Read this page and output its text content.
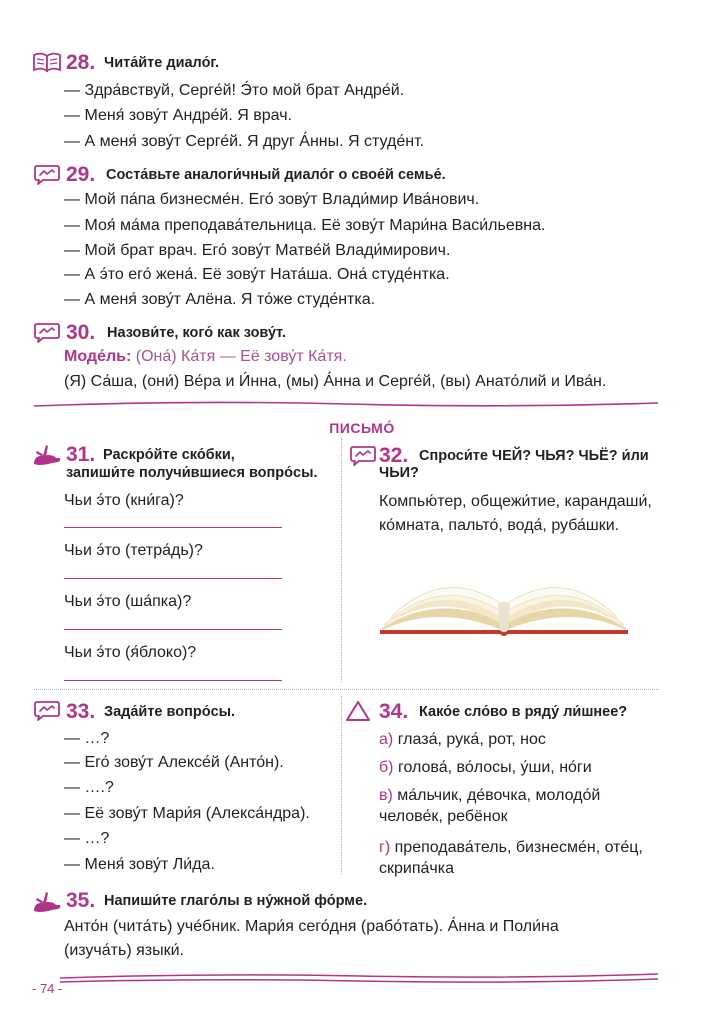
28. Чита́йте диало́г.
— Здра́вствуй, Серге́й! Э́то мой брат Андре́й.
— Меня́ зову́т Андре́й. Я врач.
— А меня́ зову́т Серге́й. Я друг А́нны. Я студе́нт.
29. Соста́вьте аналоги́чный диало́г о свое́й семье́.
— Мой па́па бизнесме́н. Его́ зову́т Влади́мир Ива́нович.
— Моя́ ма́ма преподава́тельница. Её зову́т Мари́на Васи́льевна.
— Мой брат врач. Его́ зову́т Матве́й Влади́мирович.
— А э́то его́ жена́. Её зову́т Ната́ша. Она́ студе́нтка.
— А меня́ зову́т Алёна. Я то́же студе́нтка.
30. Назови́те, кого́ как зову́т.
Моде́ль: (Она́) Ка́тя — Её зову́т Ка́тя.
(Я) Са́ша, (они́) Ве́ра и И́нна, (мы) А́нна и Серге́й, (вы) Анато́лий и Ива́н.
ПИСЬМО́
31. Раскро́йте ско́бки,
запиши́те получи́вшиеся вопро́сы.
Чьи э́то (кни́га)?
Чьи э́то (тетра́дь)?
Чьи э́то (ша́пка)?
Чьи э́то (я́блоко)?
32. Спроси́те ЧЕЙ? ЧЬЯ? ЧЬЁ? и́ли
ЧЬИ?
Компью́тер, общежи́тие, карандаши́,
ко́мната, пальто́, вода́, руба́шки.
33. Зада́йте вопро́сы.
— …?
— Его́ зову́т Алексе́й (Анто́н).
— ….?
— Её зову́т Мари́я (Алекса́ндра).
— …?
— Меня́ зову́т Ли́да.
34. Како́е сло́во в ряду́ ли́шнее?
а) глаза́, рука́, рот, нос
б) голова́, во́лосы, у́ши, но́ги
в) ма́льчик, де́вочка, молодо́й
челове́к, ребёнок
г) преподава́тель, бизнесме́н, оте́ц,
скрипа́чка
35. Напиши́те глаго́лы в ну́жной фо́рме.
Анто́н (чита́ть) учéбник. Мари́я сего́дня (рабо́тать). А́нна и Поли́на
(изуча́ть) языки́.
- 74 -
